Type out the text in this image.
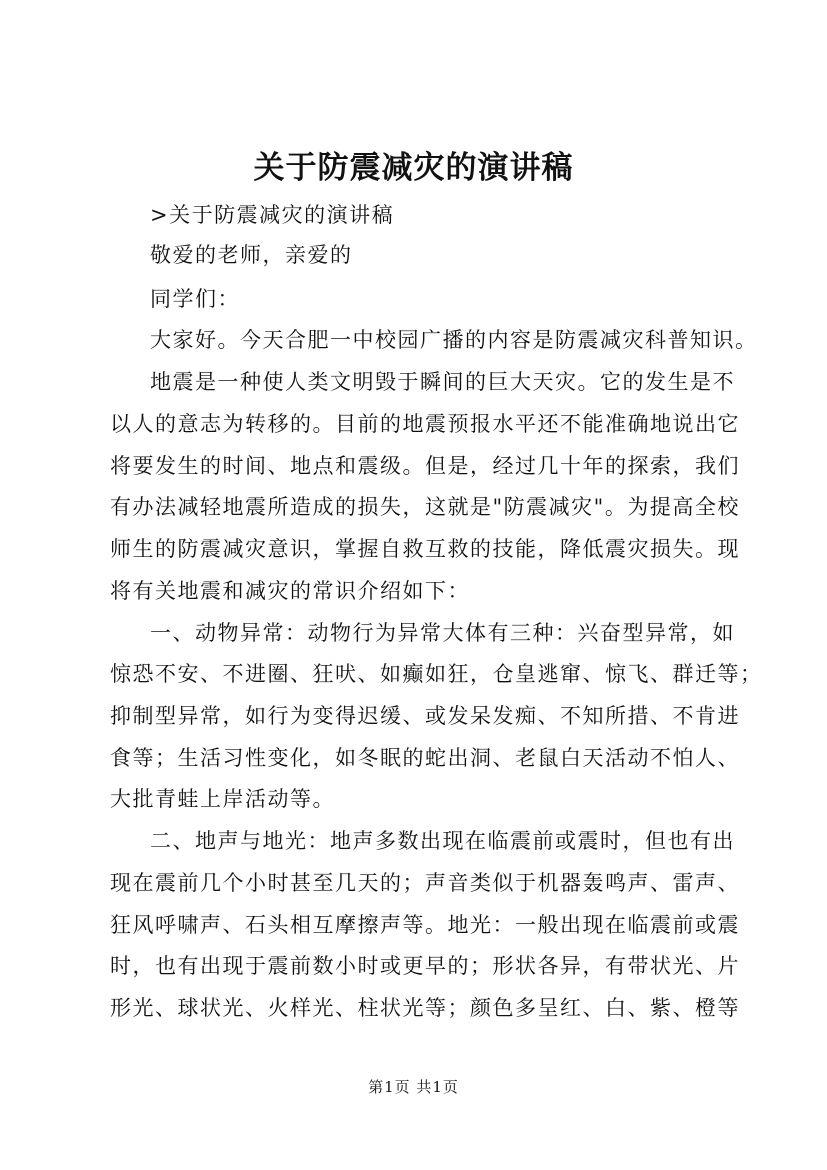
关于防震减灾的演讲稿
>关于防震减灾的演讲稿
敬爱的老师，亲爱的
同学们：
大家好。今天合肥一中校园广播的内容是防震减灾科普知识。
地震是一种使人类文明毁于瞬间的巨大天灾。它的发生是不
以人的意志为转移的。目前的地震预报水平还不能准确地说出它
将要发生的时间、地点和震级。但是，经过几十年的探索，我们
有办法减轻地震所造成的损失，这就是"防震减灾"。为提高全校
师生的防震减灾意识，掌握自救互救的技能，降低震灾损失。现
将有关地震和减灾的常识介绍如下：
一、动物异常：动物行为异常大体有三种：兴奋型异常，如
惊恐不安、不进圈、狂吠、如癫如狂，仓皇逃窜、惊飞、群迁等；
抑制型异常，如行为变得迟缓、或发呆发痴、不知所措、不肯进
食等；生活习性变化，如冬眠的蛇出洞、老鼠白天活动不怕人、
大批青蛙上岸活动等。
二、地声与地光：地声多数出现在临震前或震时，但也有出
现在震前几个小时甚至几天的；声音类似于机器轰鸣声、雷声、
狂风呼啸声、石头相互摩擦声等。地光：一般出现在临震前或震
时，也有出现于震前数小时或更早的；形状各异，有带状光、片
形光、球状光、火样光、柱状光等；颜色多呈红、白、紫、橙等
第1页 共1页
